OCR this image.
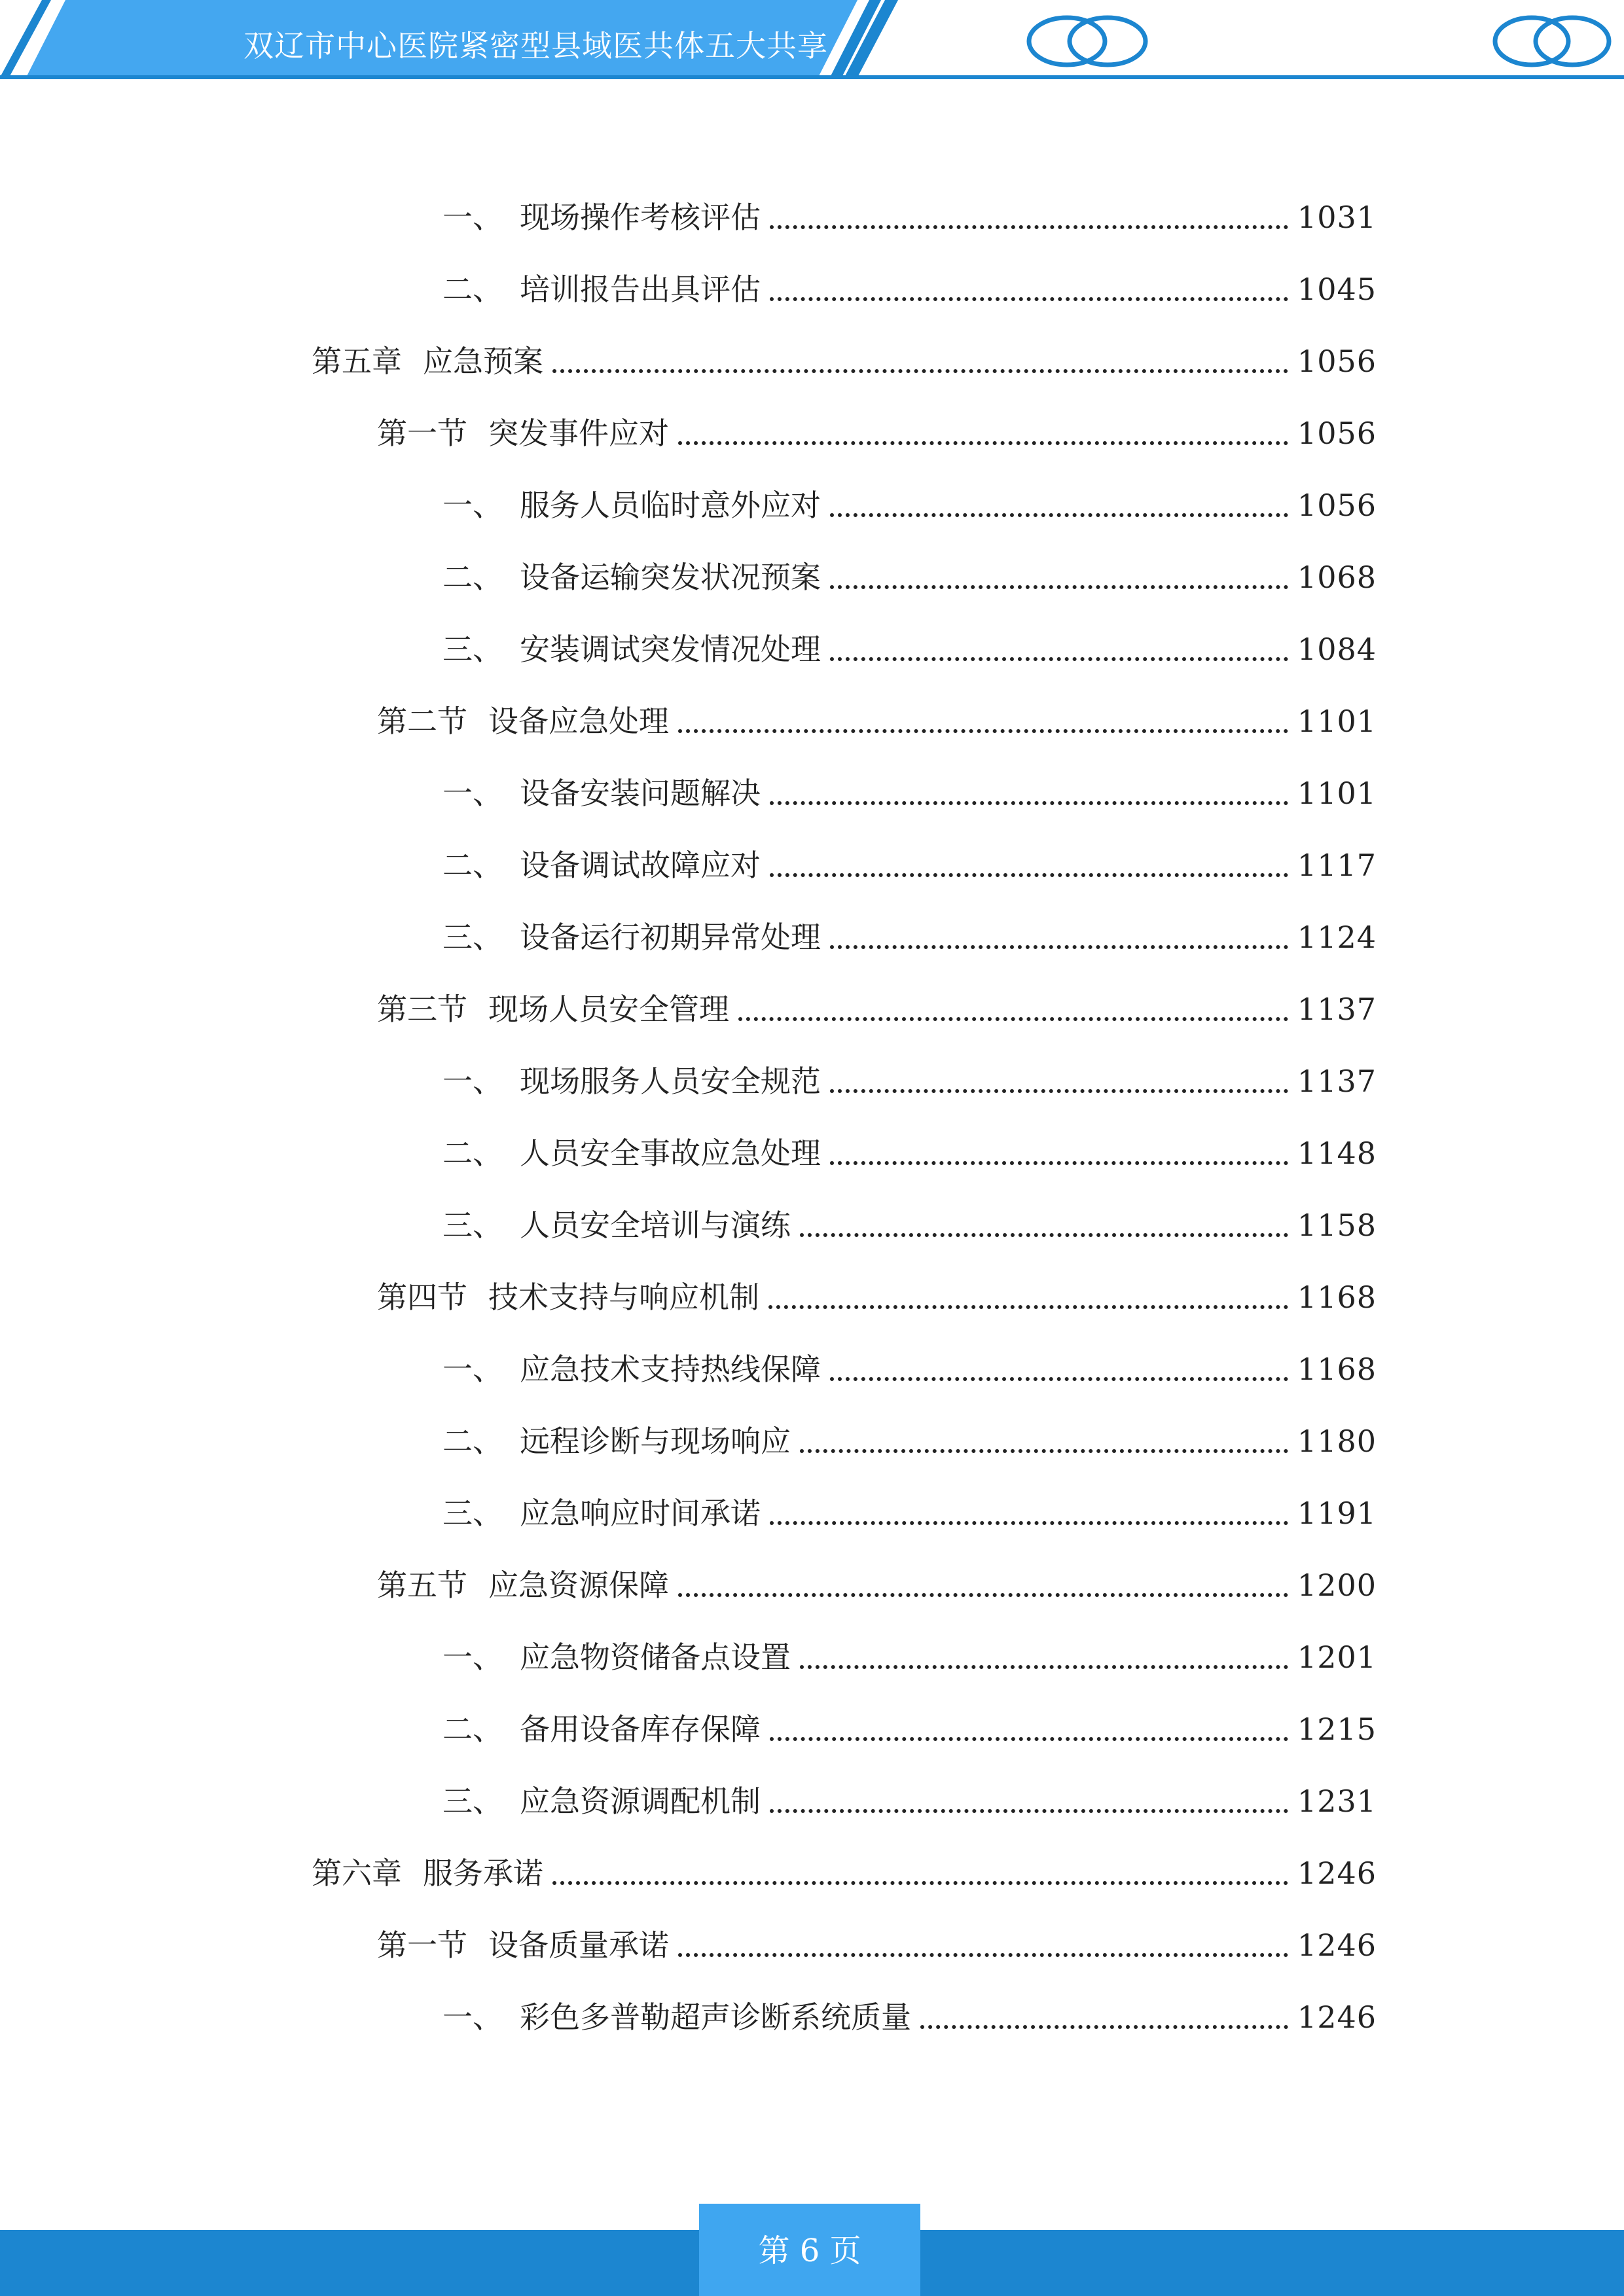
双辽市中心医院紧密型县域医共体五大共享
一、 现场操作考核评估	1031
二、 培训报告出具评估	1045
第五章 应急预案	1056
第一节 突发事件应对	1056
一、 服务人员临时意外应对	1056
二、 设备运输突发状况预案	1068
三、 安装调试突发情况处理	1084
第二节 设备应急处理	1101
一、 设备安装问题解决	1101
二、 设备调试故障应对	1117
三、 设备运行初期异常处理	1124
第三节 现场人员安全管理	1137
一、 现场服务人员安全规范	1137
二、 人员安全事故应急处理	1148
三、 人员安全培训与演练	1158
第四节 技术支持与响应机制	1168
一、 应急技术支持热线保障	1168
二、 远程诊断与现场响应	1180
三、 应急响应时间承诺	1191
第五节 应急资源保障	1200
一、 应急物资储备点设置	1201
二、 备用设备库存保障	1215
三、 应急资源调配机制	1231
第六章 服务承诺	1246
第一节 设备质量承诺	1246
一、 彩色多普勒超声诊断系统质量	1246
第 6 页
